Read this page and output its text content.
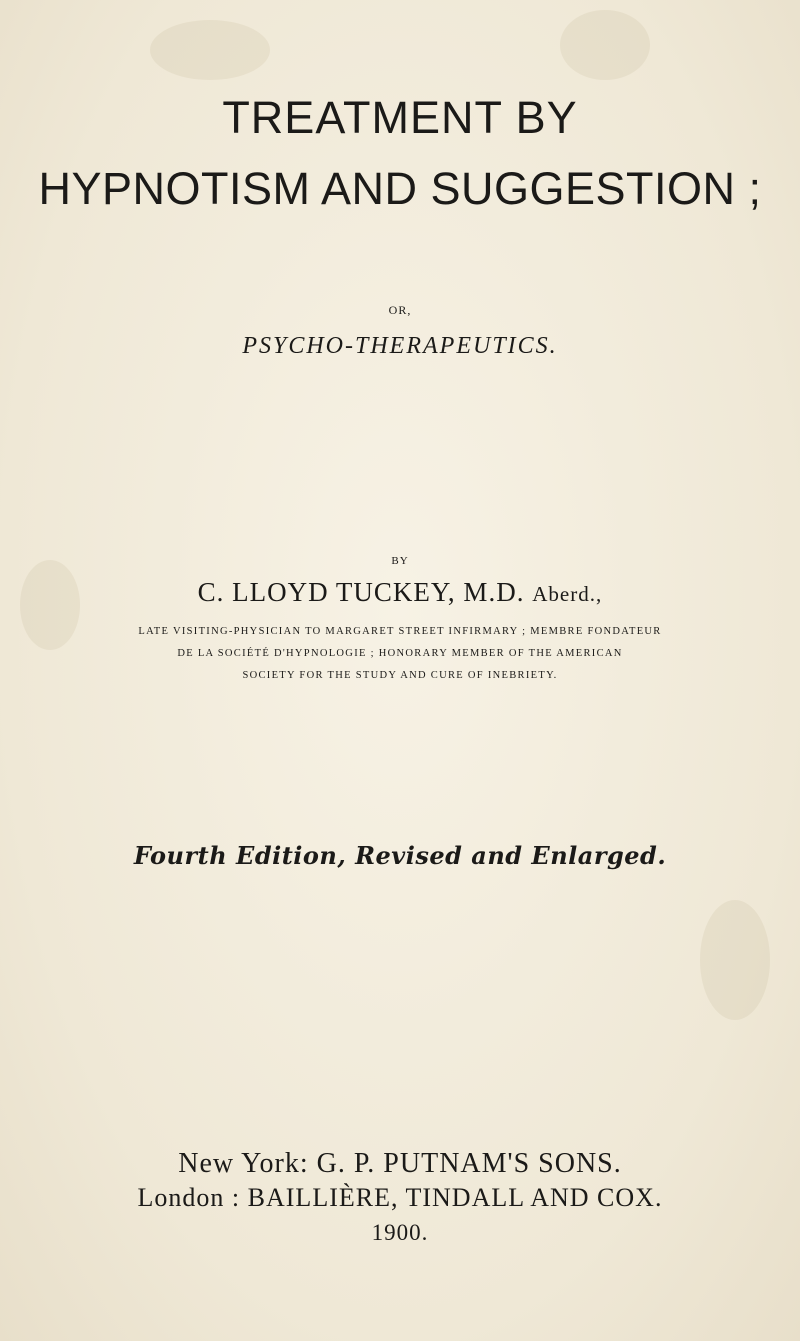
TREATMENT BY
HYPNOTISM AND SUGGESTION ;
OR,
PSYCHO-THERAPEUTICS.
BY
C. LLOYD TUCKEY, M.D. Aberd.,
LATE VISITING-PHYSICIAN TO MARGARET STREET INFIRMARY ; MEMBRE FONDATEUR
DE LA SOCIÉTÉ D'HYPNOLOGIE ; HONORARY MEMBER OF THE AMERICAN
SOCIETY FOR THE STUDY AND CURE OF INEBRIETY.
Fourth Edition, Revised and Enlarged.
New York: G. P. PUTNAM'S SONS.
London : BAILLIÈRE, TINDALL AND COX.
1900.
